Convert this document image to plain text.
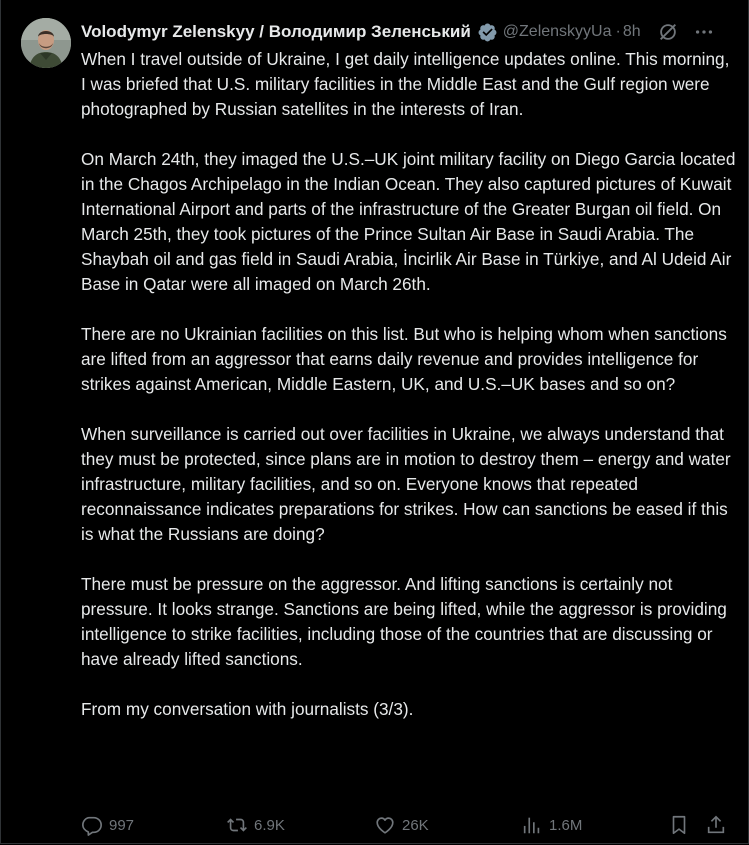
Volodymyr Zelenskyy / Володимир Зеленський @ZelenskyyUa · 8h

When I travel outside of Ukraine, I get daily intelligence updates online. This morning, I was briefed that U.S. military facilities in the Middle East and the Gulf region were photographed by Russian satellites in the interests of Iran.

On March 24th, they imaged the U.S.–UK joint military facility on Diego Garcia located in the Chagos Archipelago in the Indian Ocean. They also captured pictures of Kuwait International Airport and parts of the infrastructure of the Greater Burgan oil field. On March 25th, they took pictures of the Prince Sultan Air Base in Saudi Arabia. The Shaybah oil and gas field in Saudi Arabia, İncirlik Air Base in Türkiye, and Al Udeid Air Base in Qatar were all imaged on March 26th.

There are no Ukrainian facilities on this list. But who is helping whom when sanctions are lifted from an aggressor that earns daily revenue and provides intelligence for strikes against American, Middle Eastern, UK, and U.S.–UK bases and so on?

When surveillance is carried out over facilities in Ukraine, we always understand that they must be protected, since plans are in motion to destroy them – energy and water infrastructure, military facilities, and so on. Everyone knows that repeated reconnaissance indicates preparations for strikes. How can sanctions be eased if this is what the Russians are doing?

There must be pressure on the aggressor. And lifting sanctions is certainly not pressure. It looks strange. Sanctions are being lifted, while the aggressor is providing intelligence to strike facilities, including those of the countries that are discussing or have already lifted sanctions.

From my conversation with journalists (3/3).

997	6.9K	26K	1.6M
